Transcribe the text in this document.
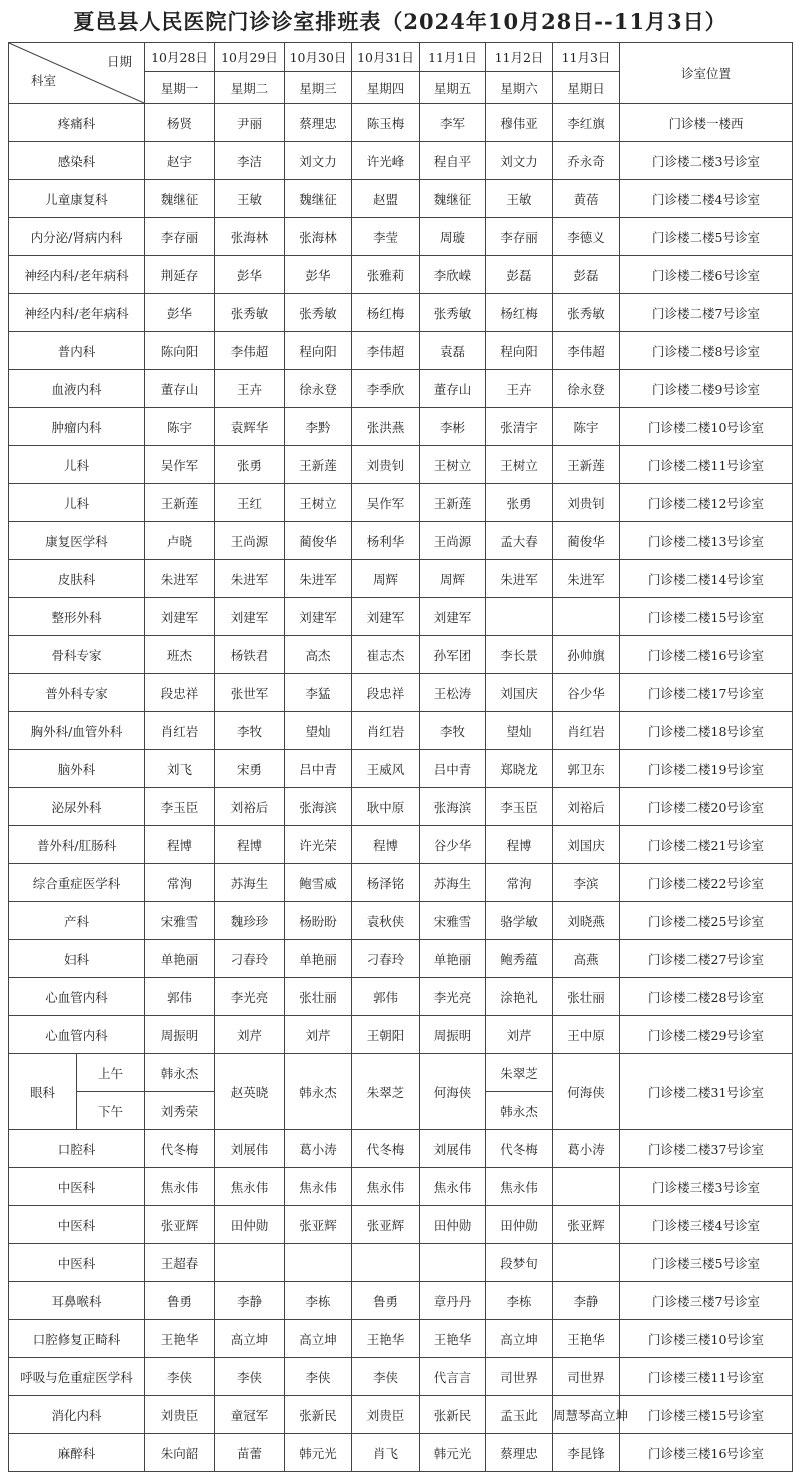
夏邑县人民医院门诊诊室排班表（2024年10月28日--11月3日）
日期
科室		10月28日	10月29日	10月30日	10月31日	11月1日	11月2日	11月3日	诊室位置
		星期一	星期二	星期三	星期四	星期五	星期六	星期日	
疼痛科		杨贤	尹丽	蔡理忠	陈玉梅	李军	穆伟亚	李红旗	门诊楼一楼西
感染科		赵宇	李洁	刘文力	许光峰	程自平	刘文力	乔永奇	门诊楼二楼3号诊室
儿童康复科		魏继征	王敏	魏继征	赵盟	魏继征	王敏	黄蓓	门诊楼二楼4号诊室
内分泌/肾病内科		李存丽	张海林	张海林	李莹	周璇	李存丽	李德义	门诊楼二楼5号诊室
神经内科/老年病科		荆延存	彭华	彭华	张雅莉	李欣嵘	彭磊	彭磊	门诊楼二楼6号诊室
神经内科/老年病科		彭华	张秀敏	张秀敏	杨红梅	张秀敏	杨红梅	张秀敏	门诊楼二楼7号诊室
普内科		陈向阳	李伟超	程向阳	李伟超	袁磊	程向阳	李伟超	门诊楼二楼8号诊室
血液内科		董存山	王卉	徐永登	李季欣	董存山	王卉	徐永登	门诊楼二楼9号诊室
肿瘤内科		陈宇	袁辉华	李黔	张洪燕	李彬	张清宇	陈宇	门诊楼二楼10号诊室
儿科		吴作军	张勇	王新莲	刘贵钊	王树立	王树立	王新莲	门诊楼二楼11号诊室
儿科		王新莲	王红	王树立	吴作军	王新莲	张勇	刘贵钊	门诊楼二楼12号诊室
康复医学科		卢晓	王尚源	蔺俊华	杨利华	王尚源	孟大春	蔺俊华	门诊楼二楼13号诊室
皮肤科		朱进军	朱进军	朱进军	周辉	周辉	朱进军	朱进军	门诊楼二楼14号诊室
整形外科		刘建军	刘建军	刘建军	刘建军	刘建军			门诊楼二楼15号诊室
骨科专家		班杰	杨铁君	高杰	崔志杰	孙军团	李长景	孙帅旗	门诊楼二楼16号诊室
普外科专家		段忠祥	张世军	李猛	段忠祥	王松涛	刘国庆	谷少华	门诊楼二楼17号诊室
胸外科/血管外科		肖红岩	李牧	望灿	肖红岩	李牧	望灿	肖红岩	门诊楼二楼18号诊室
脑外科		刘飞	宋勇	吕中青	王威风	吕中青	郑晓龙	郭卫东	门诊楼二楼19号诊室
泌尿外科		李玉臣	刘裕后	张海滨	耿中原	张海滨	李玉臣	刘裕后	门诊楼二楼20号诊室
普外科/肛肠科		程博	程博	许光荣	程博	谷少华	程博	刘国庆	门诊楼二楼21号诊室
综合重症医学科		常洵	苏海生	鲍雪威	杨泽铭	苏海生	常洵	李滨	门诊楼二楼22号诊室
产科		宋雅雪	魏珍珍	杨盼盼	袁秋侠	宋雅雪	骆学敏	刘晓燕	门诊楼二楼25号诊室
妇科		单艳丽	刁春玲	单艳丽	刁春玲	单艳丽	鲍秀蕴	高燕	门诊楼二楼27号诊室
心血管内科		郭伟	李光亮	张壮丽	郭伟	李光亮	涂艳礼	张壮丽	门诊楼二楼28号诊室
心血管内科		周振明	刘芹	刘芹	王朝阳	周振明	刘芹	王中原	门诊楼二楼29号诊室
眼科	上午	韩永杰	赵英晓	韩永杰	朱翠芝	何海侠	朱翠芝	何海侠	门诊楼二楼31号诊室
	下午	刘秀荣					韩永杰		
口腔科		代冬梅	刘展伟	葛小涛	代冬梅	刘展伟	代冬梅	葛小涛	门诊楼二楼37号诊室
中医科		焦永伟	焦永伟	焦永伟	焦永伟	焦永伟	焦永伟		门诊楼三楼3号诊室
中医科		张亚辉	田仲勋	张亚辉	张亚辉	田仲勋	田仲勋	张亚辉	门诊楼三楼4号诊室
中医科		王超春					段梦旬		门诊楼三楼5号诊室
耳鼻喉科		鲁勇	李静	李栋	鲁勇	章丹丹	李栋	李静	门诊楼三楼7号诊室
口腔修复正畸科		王艳华	高立坤	高立坤	王艳华	王艳华	高立坤	王艳华	门诊楼三楼10号诊室
呼吸与危重症医学科		李侠	李侠	李侠	李侠	代言言	司世界	司世界	门诊楼三楼11号诊室
消化内科		刘贵臣	童冠军	张新民	刘贵臣	张新民	孟玉此	周慧琴高立坤	门诊楼三楼15号诊室
麻醉科		朱向韶	苗蕾	韩元光	肖飞	韩元光	蔡理忠	李昆锋	门诊楼三楼16号诊室
